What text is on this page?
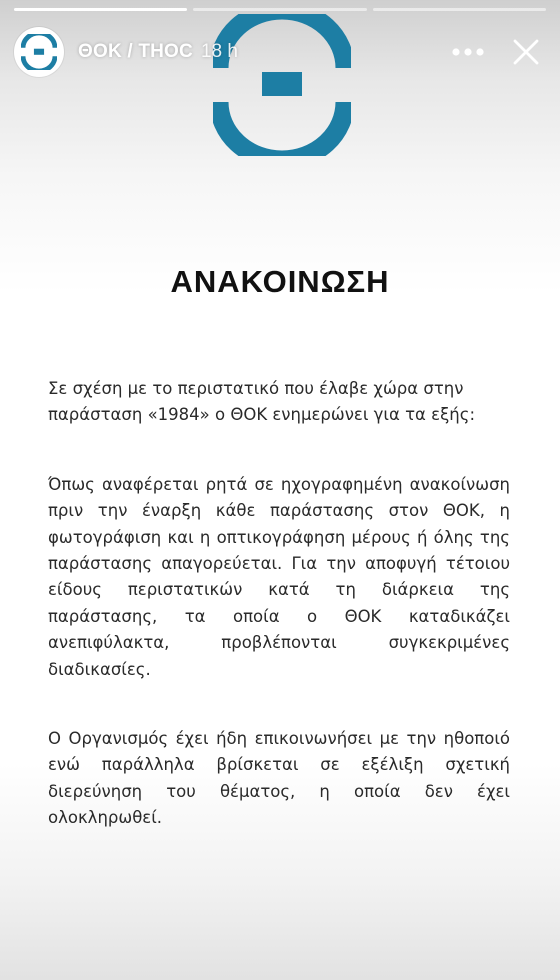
ΘΟΚ / THOC 18 h
ΑΝΑΚΟΙΝΩΣΗ

Σε σχέση με το περιστατικό που έλαβε χώρα στην παράσταση «1984» ο ΘΟΚ ενημερώνει για τα εξής:

Όπως αναφέρεται ρητά σε ηχογραφημένη ανακοίνωση πριν την έναρξη κάθε παράστασης στον ΘΟΚ, η φωτογράφιση και η οπτικογράφηση μέρους ή όλης της παράστασης απαγορεύεται. Για την αποφυγή τέτοιου είδους περιστατικών κατά τη διάρκεια της παράστασης, τα οποία ο ΘΟΚ καταδικάζει ανεπιφύλακτα, προβλέπονται συγκεκριμένες διαδικασίες.

Ο Οργανισμός έχει ήδη επικοινωνήσει με την ηθοποιό ενώ παράλληλα βρίσκεται σε εξέλιξη σχετική διερεύνηση του θέματος, η οποία δεν έχει ολοκληρωθεί.
